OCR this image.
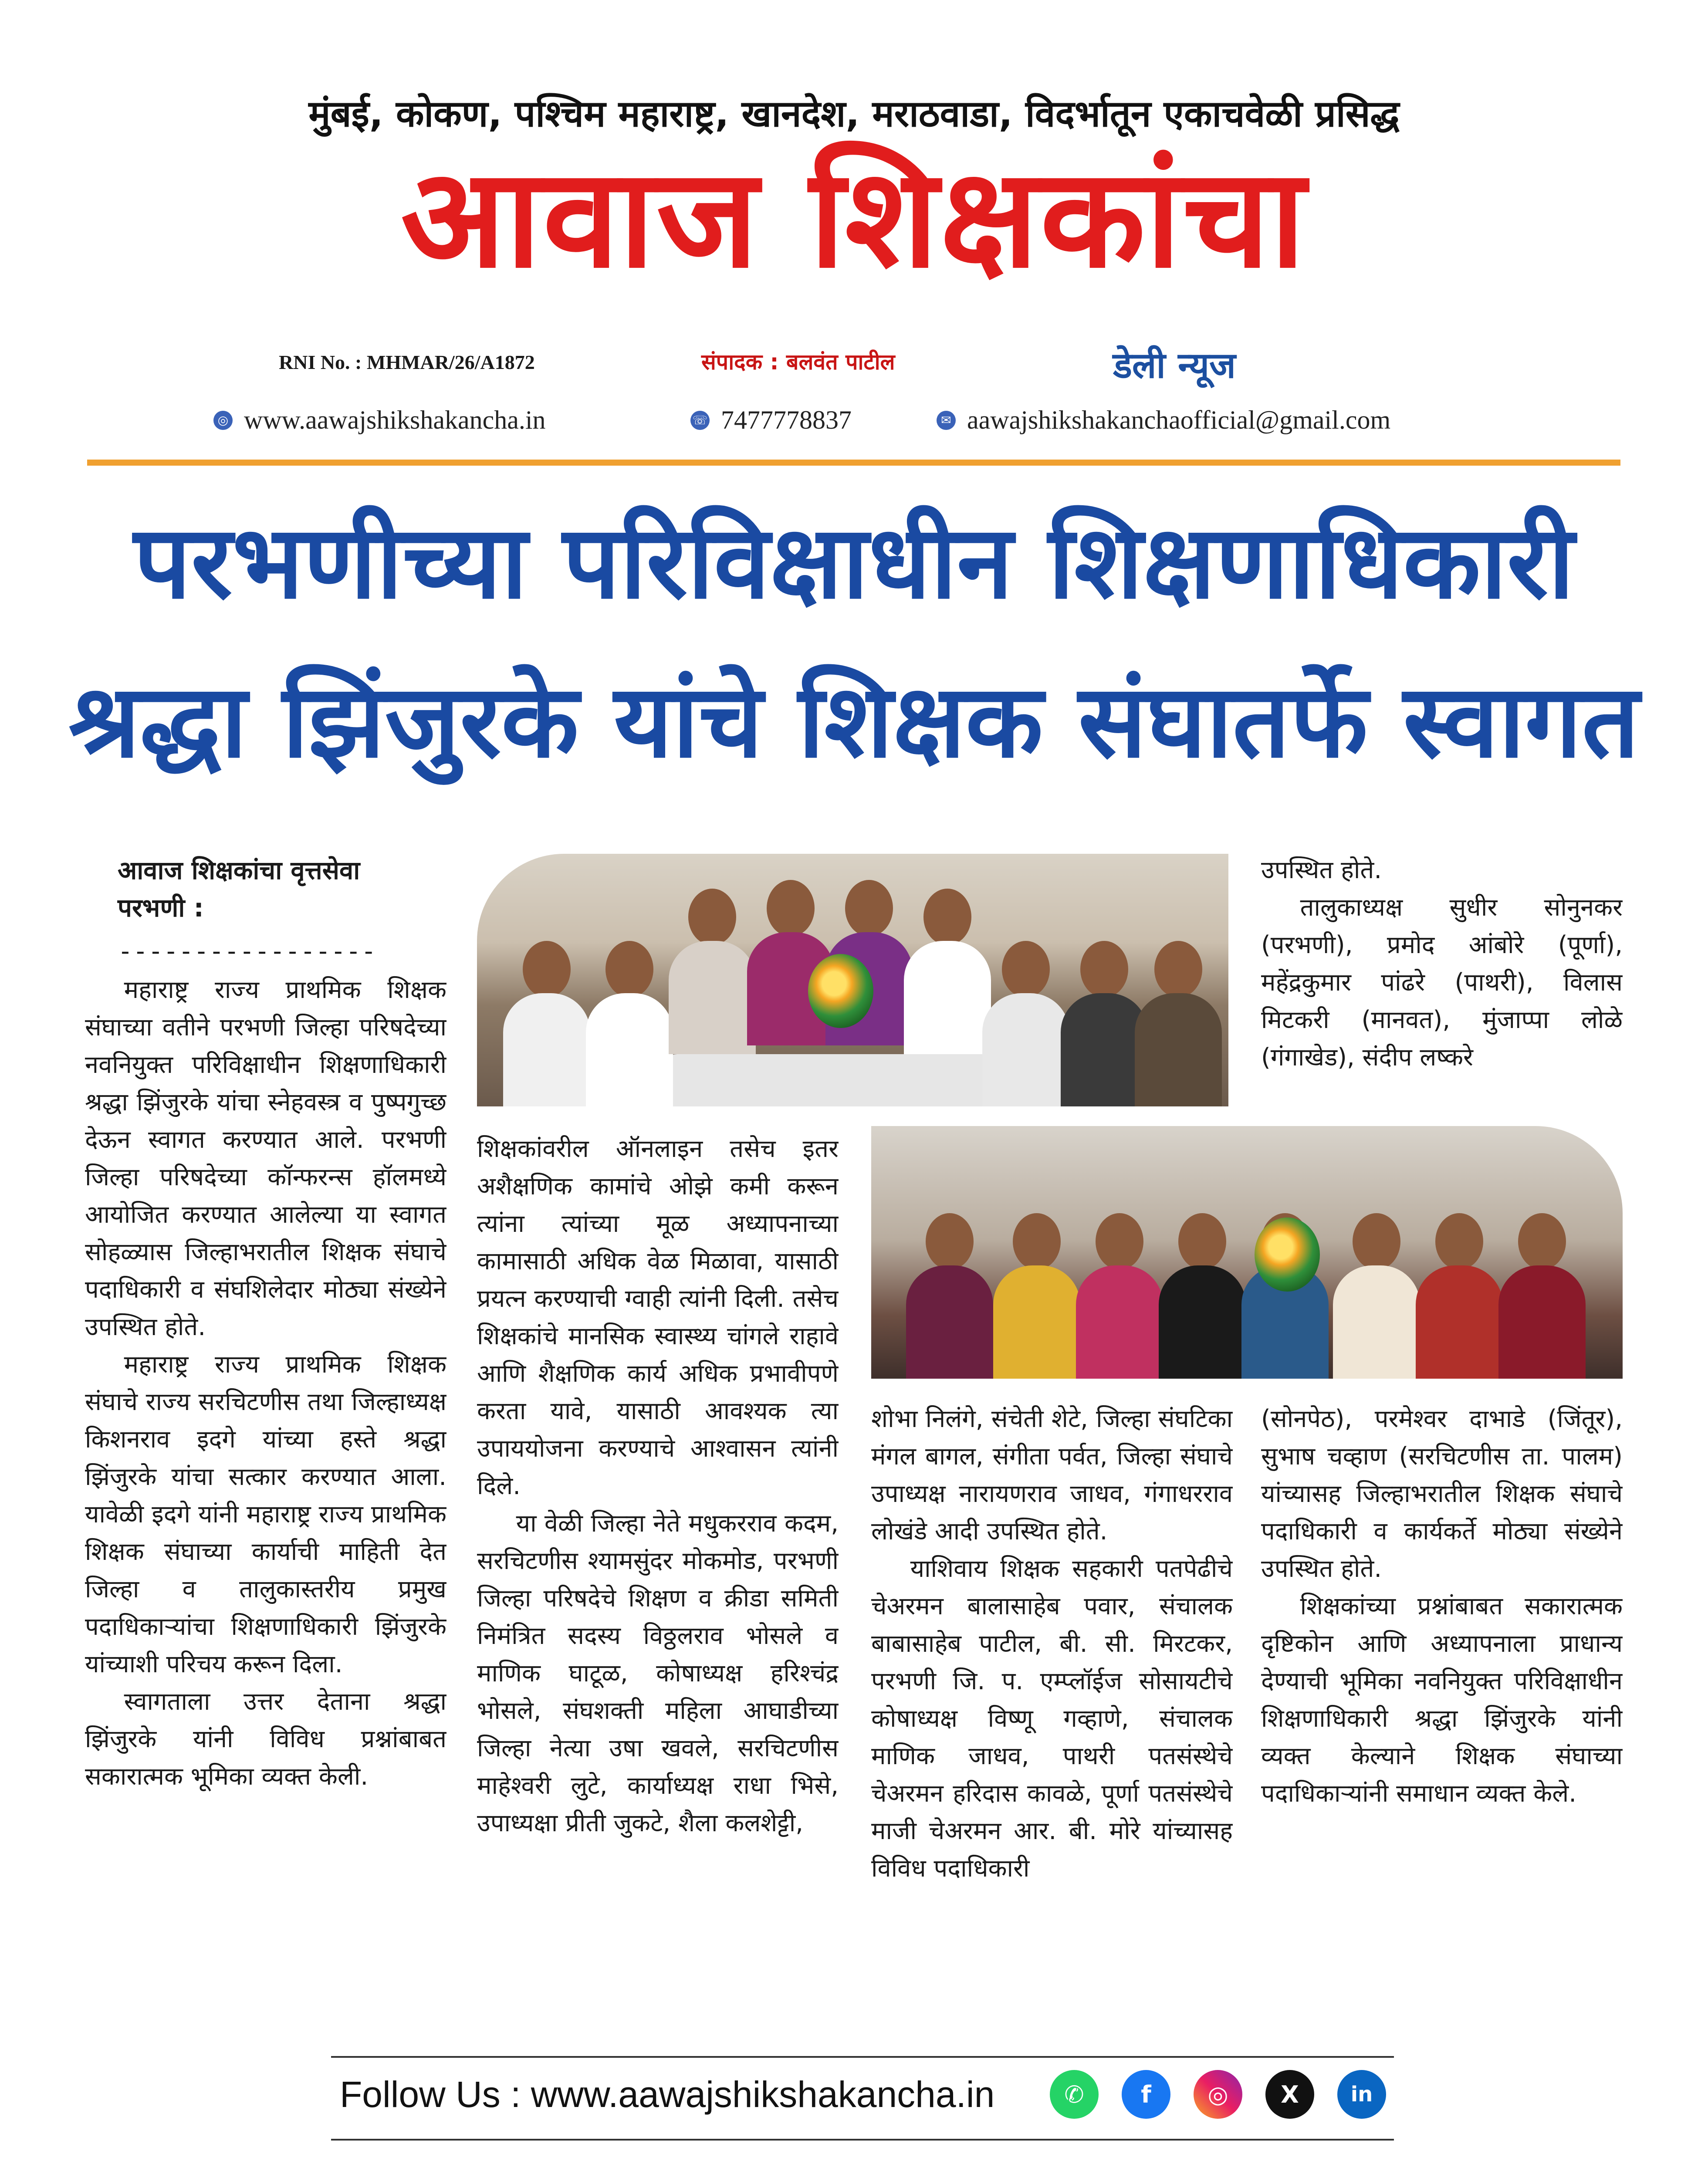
मुंबई, कोकण, पश्चिम महाराष्ट्र, खानदेश, मराठवाडा, विदर्भातून एकाचवेळी प्रसिद्ध
आवाज शिक्षकांचा
RNI No. : MHMAR/26/A1872	संपादक : बलवंत पाटील	डेली न्यूज
◎ www.aawajshikshakancha.in	☏ 7477778837	✉ aawajshikshakanchaofficial@gmail.com
परभणीच्या परिविक्षाधीन शिक्षणाधिकारी
श्रद्धा झिंजुरके यांचे शिक्षक संघातर्फे स्वागत
आवाज शिक्षकांचा वृत्तसेवा
परभणी :
-----------------

महाराष्ट्र राज्य प्राथमिक शिक्षक संघाच्या वतीने परभणी जिल्हा परिषदेच्या नवनियुक्त परिविक्षाधीन शिक्षणाधिकारी श्रद्धा झिंजुरके यांचा स्नेहवस्त्र व पुष्पगुच्छ देऊन स्वागत करण्यात आले. परभणी जिल्हा परिषदेच्या कॉन्फरन्स हॉलमध्ये आयोजित करण्यात आलेल्या या स्वागत सोहळ्यास जिल्हाभरातील शिक्षक संघाचे पदाधिकारी व संघशिलेदार मोठ्या संख्येने उपस्थित होते.

महाराष्ट्र राज्य प्राथमिक शिक्षक संघाचे राज्य सरचिटणीस तथा जिल्हाध्यक्ष किशनराव इदगे यांच्या हस्ते श्रद्धा झिंजुरके यांचा सत्कार करण्यात आला. यावेळी इदगे यांनी महाराष्ट्र राज्य प्राथमिक शिक्षक संघाच्या कार्याची माहिती देत जिल्हा व तालुकास्तरीय प्रमुख पदाधिकाऱ्यांचा शिक्षणाधिकारी झिंजुरके यांच्याशी परिचय करून दिला.

स्वागताला उत्तर देताना श्रद्धा झिंजुरके यांनी विविध प्रश्नांबाबत सकारात्मक भूमिका व्यक्त केली.

शिक्षकांवरील ऑनलाइन तसेच इतर अशैक्षणिक कामांचे ओझे कमी करून त्यांना त्यांच्या मूळ अध्यापनाच्या कामासाठी अधिक वेळ मिळावा, यासाठी प्रयत्न करण्याची ग्वाही त्यांनी दिली. तसेच शिक्षकांचे मानसिक स्वास्थ्य चांगले राहावे आणि शैक्षणिक कार्य अधिक प्रभावीपणे करता यावे, यासाठी आवश्यक त्या उपाययोजना करण्याचे आश्वासन त्यांनी दिले.

या वेळी जिल्हा नेते मधुकरराव कदम, सरचिटणीस श्यामसुंदर मोकमोड, परभणी जिल्हा परिषदेचे शिक्षण व क्रीडा समिती निमंत्रित सदस्य विठ्ठलराव भोसले व माणिक घाटूळ, कोषाध्यक्ष हरिश्चंद्र भोसले, संघशक्ती महिला आघाडीच्या जिल्हा नेत्या उषा खवले, सरचिटणीस माहेश्वरी लुटे, कार्याध्यक्ष राधा भिसे, उपाध्यक्षा प्रीती जुकटे, शैला कलशेट्टी,

उपस्थित होते.

तालुकाध्यक्ष सुधीर सोनुनकर (परभणी), प्रमोद आंबोरे (पूर्णा), महेंद्रकुमार पांढरे (पाथरी), विलास मिटकरी (मानवत), मुंजाप्पा लोळे (गंगाखेड), संदीप लष्करे

शोभा निलंगे, संचेती शेटे, जिल्हा संघटिका मंगल बागल, संगीता पर्वत, जिल्हा संघाचे उपाध्यक्ष नारायणराव जाधव, गंगाधरराव लोखंडे आदी उपस्थित होते.

याशिवाय शिक्षक सहकारी पतपेढीचे चेअरमन बालासाहेब पवार, संचालक बाबासाहेब पाटील, बी. सी. मिरटकर, परभणी जि. प. एम्प्लॉईज सोसायटीचे कोषाध्यक्ष विष्णू गव्हाणे, संचालक माणिक जाधव, पाथरी पतसंस्थेचे चेअरमन हरिदास कावळे, पूर्णा पतसंस्थेचे माजी चेअरमन आर. बी. मोरे यांच्यासह विविध पदाधिकारी

(सोनपेठ), परमेश्वर दाभाडे (जिंतूर), सुभाष चव्हाण (सरचिटणीस ता. पालम) यांच्यासह जिल्हाभरातील शिक्षक संघाचे पदाधिकारी व कार्यकर्ते मोठ्या संख्येने उपस्थित होते.

शिक्षकांच्या प्रश्नांबाबत सकारात्मक दृष्टिकोन आणि अध्यापनाला प्राधान्य देण्याची भूमिका नवनियुक्त परिविक्षाधीन शिक्षणाधिकारी श्रद्धा झिंजुरके यांनी व्यक्त केल्याने शिक्षक संघाच्या पदाधिकाऱ्यांनी समाधान व्यक्त केले.

Follow Us : www.aawajshikshakancha.in	✆	f	◎	X	in
